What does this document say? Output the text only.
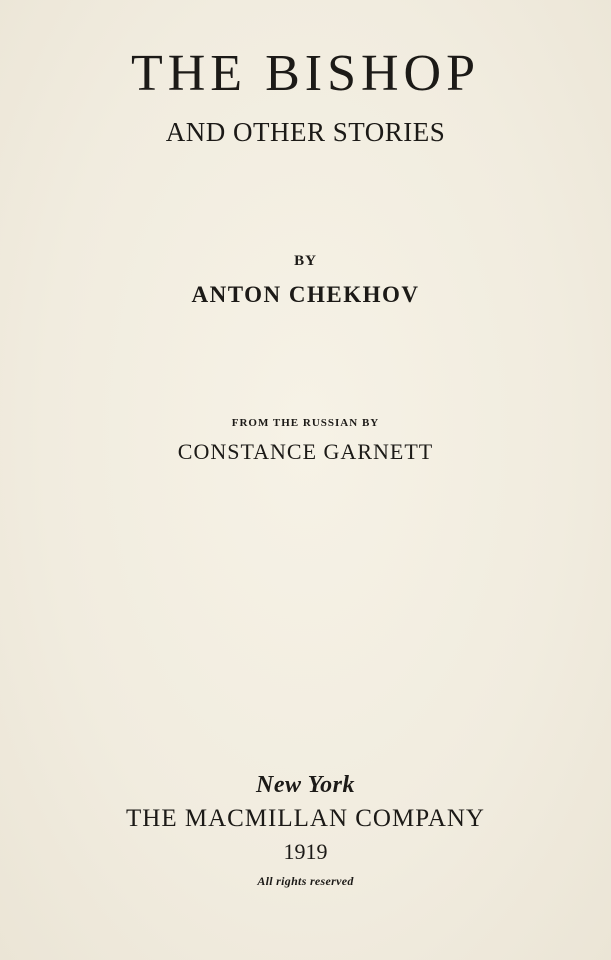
THE BISHOP
AND OTHER STORIES
BY
ANTON CHEKHOV
FROM THE RUSSIAN BY
CONSTANCE GARNETT
New York
THE MACMILLAN COMPANY
1919
All rights reserved
